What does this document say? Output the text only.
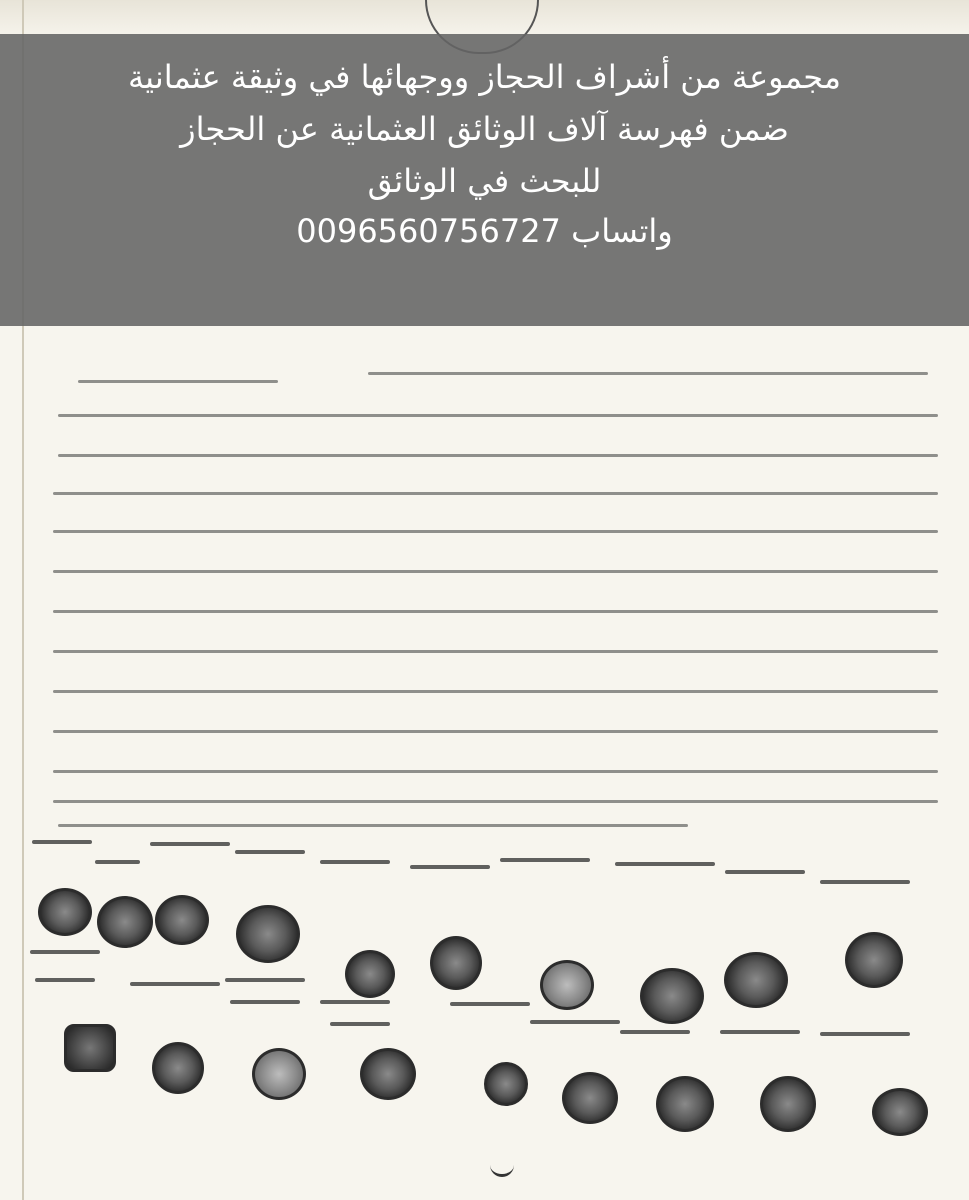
مجموعة من أشراف الحجاز ووجهائها في وثيقة عثمانية
ضمن فهرسة آلاف الوثائق العثمانية عن الحجاز
للبحث في الوثائق
واتساب 0096560756727
